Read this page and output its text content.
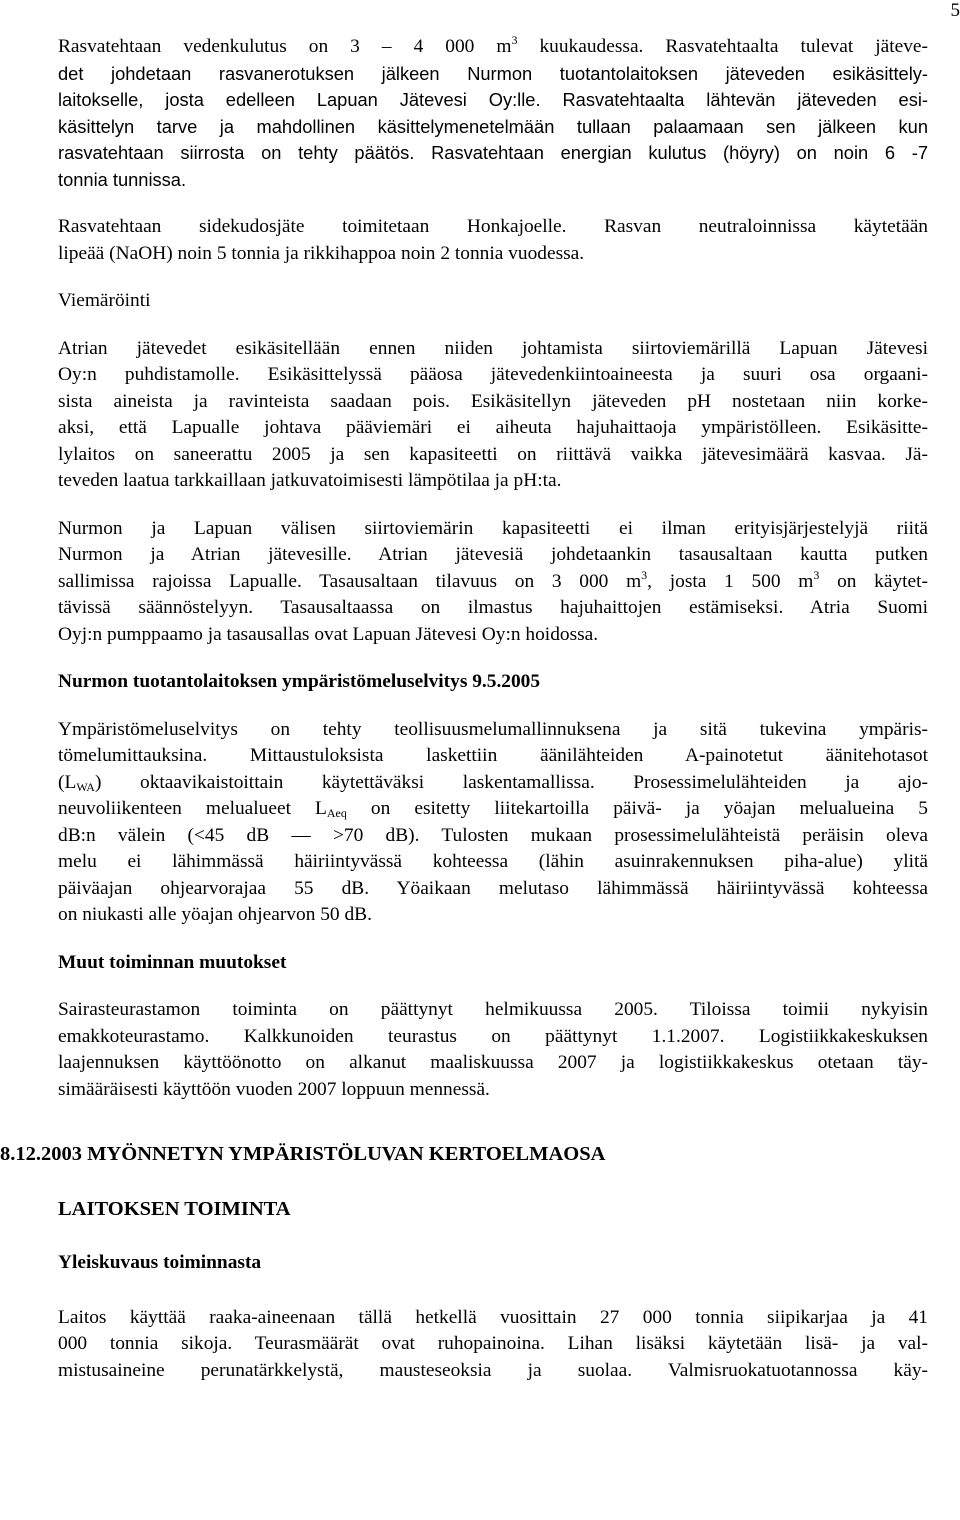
5
Rasvatehtaan vedenkulutus on 3 – 4 000 $m^3$ kuukaudessa. Rasvatehtaalta tulevat jäteve-
det johdetaan rasvanerotuksen jälkeen Nurmon tuotantolaitoksen jäteveden esikäsittely-
laitokselle, josta edelleen Lapuan Jätevesi Oy:lle. Rasvatehtaalta lähtevän jäteveden esi-
käsittelyn tarve ja mahdollinen käsittelymenetelmään tullaan palaamaan sen jälkeen kun
rasvatehtaan siirrosta on tehty päätös. Rasvatehtaan energian kulutus (höyry) on noin 6 -7
tonnia tunnissa.
Rasvatehtaan sidekudosjäte toimitetaan Honkajoelle. Rasvan neutraloinnissa käytetään
lipeää (NaOH) noin 5 tonnia ja rikkihappoa noin 2 tonnia vuodessa.
Viemäröinti
Atrian jätevedet esikäsitellään ennen niiden johtamista siirtoviemärillä Lapuan Jätevesi
Oy:n puhdistamolle. Esikäsittelyssä pääosa jätevedenkiintoaineesta ja suuri osa orgaani-
sista aineista ja ravinteista saadaan pois. Esikäsitellyn jäteveden pH nostetaan niin korke-
aksi, että Lapualle johtava pääviemäri ei aiheuta hajuhaittaoja ympäristölleen. Esikäsitte-
lylaitos on saneerattu 2005 ja sen kapasiteetti on riittävä vaikka jätevesimäärä kasvaa. Jä-
teveden laatua tarkkaillaan jatkuvatoimisesti lämpötilaa ja pH:ta.
Nurmon ja Lapuan välisen siirtoviemärin kapasiteetti ei ilman erityisjärjestelyjä riitä
Nurmon ja Atrian jätevesille. Atrian jätevesiä johdetaankin tasausaltaan kautta putken
sallimissa rajoissa Lapualle. Tasausaltaan tilavuus on 3 000 $m^3$, josta 1 500 $m^3$ on käytet-
tävissä säännöstelyyn. Tasausaltaassa on ilmastus hajuhaittojen estämiseksi. Atria Suomi
Oyj:n pumppaamo ja tasausallas ovat Lapuan Jätevesi Oy:n hoidossa.
Nurmon tuotantolaitoksen ympäristömeluselvitys 9.5.2005
Ympäristömeluselvitys on tehty teollisuusmelumallinnuksena ja sitä tukevina ympäris-
tömelumittauksina. Mittaustuloksista laskettiin äänilähteiden A-painotetut äänitehotasot
$(L_{WA})$ oktaavikaistoittain käytettäväksi laskentamallissa. Prosessimelulähteiden ja ajo-
neuvoliikenteen melualueet $L_{Aeq}$ on esitetty liitekartoilla päivä- ja yöajan melualueina 5
dB:n välein (<45 dB — >70 dB). Tulosten mukaan prosessimelulähteistä peräisin oleva
melu ei lähimmässä häiriintyvässä kohteessa (lähin asuinrakennuksen piha-alue) ylitä
päiväajan ohjearvorajaa 55 dB. Yöaikaan melutaso lähimmässä häiriintyvässä kohteessa
on niukasti alle yöajan ohjearvon 50 dB.
Muut toiminnan muutokset
Sairasteurastamon toiminta on päättynyt helmikuussa 2005. Tiloissa toimii nykyisin
emakkoteurastamo. Kalkkunoiden teurastus on päättynyt 1.1.2007. Logistiikkakeskuksen
laajennuksen käyttöönotto on alkanut maaliskuussa 2007 ja logistiikkakeskus otetaan täy-
simääräisesti käyttöön vuoden 2007 loppuun mennessä.
8.12.2003 MYÖNNETYN YMPÄRISTÖLUVAN KERTOELMAOSA
LAITOKSEN TOIMINTA
Yleiskuvaus toiminnasta
Laitos käyttää raaka-aineenaan tällä hetkellä vuosittain 27 000 tonnia siipikarjaa ja 41
000 tonnia sikoja. Teurasmäärät ovat ruhopainoina. Lihan lisäksi käytetään lisä- ja val-
mistusaineine perunatärkkelystä, mausteseoksia ja suolaa. Valmisruokatuotannossa käy-
